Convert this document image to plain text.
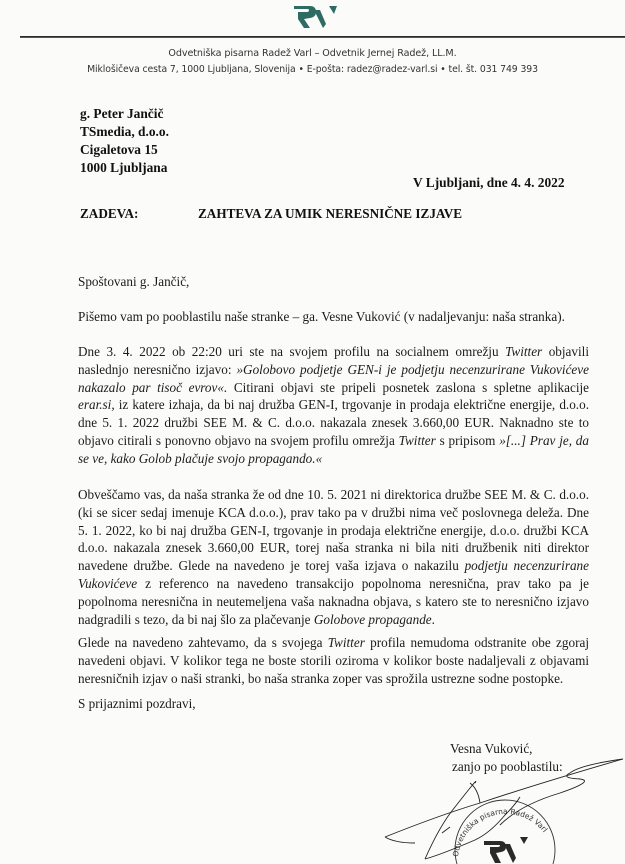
Odvetniška pisarna Radež Varl – Odvetnik Jernej Radež, LL.M.
Miklošičeva cesta 7, 1000 Ljubljana, Slovenija • E-pošta: radez@radez-varl.si • tel. št. 031 749 393
g. Peter Jančič
TSmedia, d.o.o.
Cigaletova 15
1000 Ljubljana
V Ljubljani, dne 4. 4. 2022
ZADEVA:	ZAHTEVA ZA UMIK NERESNIČNE IZJAVE
Spoštovani g. Jančič,
Pišemo vam po pooblastilu naše stranke – ga. Vesne Vuković (v nadaljevanju: naša stranka).
Dne 3. 4. 2022 ob 22:20 uri ste na svojem profilu na socialnem omrežju Twitter objavili naslednjo neresnično izjavo: »Golobovo podjetje GEN-i je podjetju necenzurirane Vukovićeve nakazalo par tisoč evrov«. Citirani objavi ste pripeli posnetek zaslona s spletne aplikacije erar.si, iz katere izhaja, da bi naj družba GEN-I, trgovanje in prodaja električne energije, d.o.o. dne 5. 1. 2022 družbi SEE M. & C. d.o.o. nakazala znesek 3.660,00 EUR. Naknadno ste to objavo citirali s ponovno objavo na svojem profilu omrežja Twitter s pripisom »[...] Prav je, da se ve, kako Golob plačuje svojo propagando.«
Obveščamo vas, da naša stranka že od dne 10. 5. 2021 ni direktorica družbe SEE M. & C. d.o.o. (ki se sicer sedaj imenuje KCA d.o.o.), prav tako pa v družbi nima več poslovnega deleža. Dne 5. 1. 2022, ko bi naj družba GEN-I, trgovanje in prodaja električne energije, d.o.o. družbi KCA d.o.o. nakazala znesek 3.660,00 EUR, torej naša stranka ni bila niti družbenik niti direktor navedene družbe. Glede na navedeno je torej vaša izjava o nakazilu podjetju necenzurirane Vukovićeve z referenco na navedeno transakcijo popolnoma neresnična, prav tako pa je popolnoma neresnična in neutemeljena vaša naknadna objava, s katero ste to neresnično izjavo nadgradili s tezo, da bi naj šlo za plačevanje Golobove propagande.
Glede na navedeno zahtevamo, da s svojega Twitter profila nemudoma odstranite obe zgoraj navedeni objavi. V kolikor tega ne boste storili oziroma v kolikor boste nadaljevali z objavami neresničnih izjav o naši stranki, bo naša stranka zoper vas sprožila ustrezne sodne postopke.
S prijaznimi pozdravi,
Vesna Vuković,
zanjo po pooblastilu:
Odvetniška pisarna Radež Varl
